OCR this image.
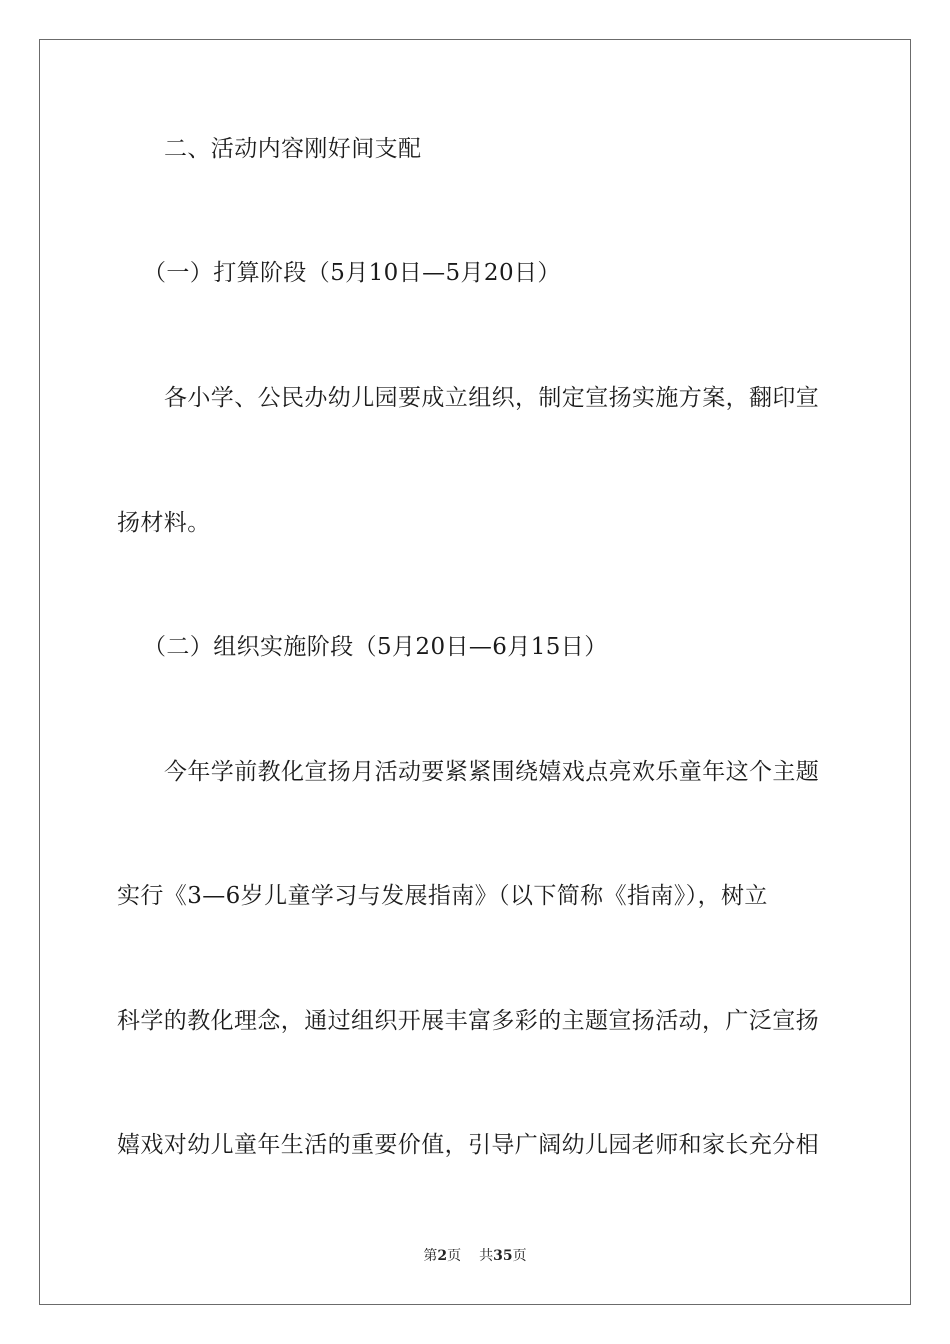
二、活动内容刚好间支配
（一）打算阶段（5月10日—5月20日）
各小学、公民办幼儿园要成立组织，制定宣扬实施方案，翻印宣
扬材料。
（二）组织实施阶段（5月20日—6月15日）
今年学前教化宣扬月活动要紧紧围绕嬉戏点亮欢乐童年这个主题
实行《3—6岁儿童学习与发展指南》（以下简称《指南》），树立
科学的教化理念，通过组织开展丰富多彩的主题宣扬活动，广泛宣扬
嬉戏对幼儿童年生活的重要价值，引导广阔幼儿园老师和家长充分相
第2页 共35页
